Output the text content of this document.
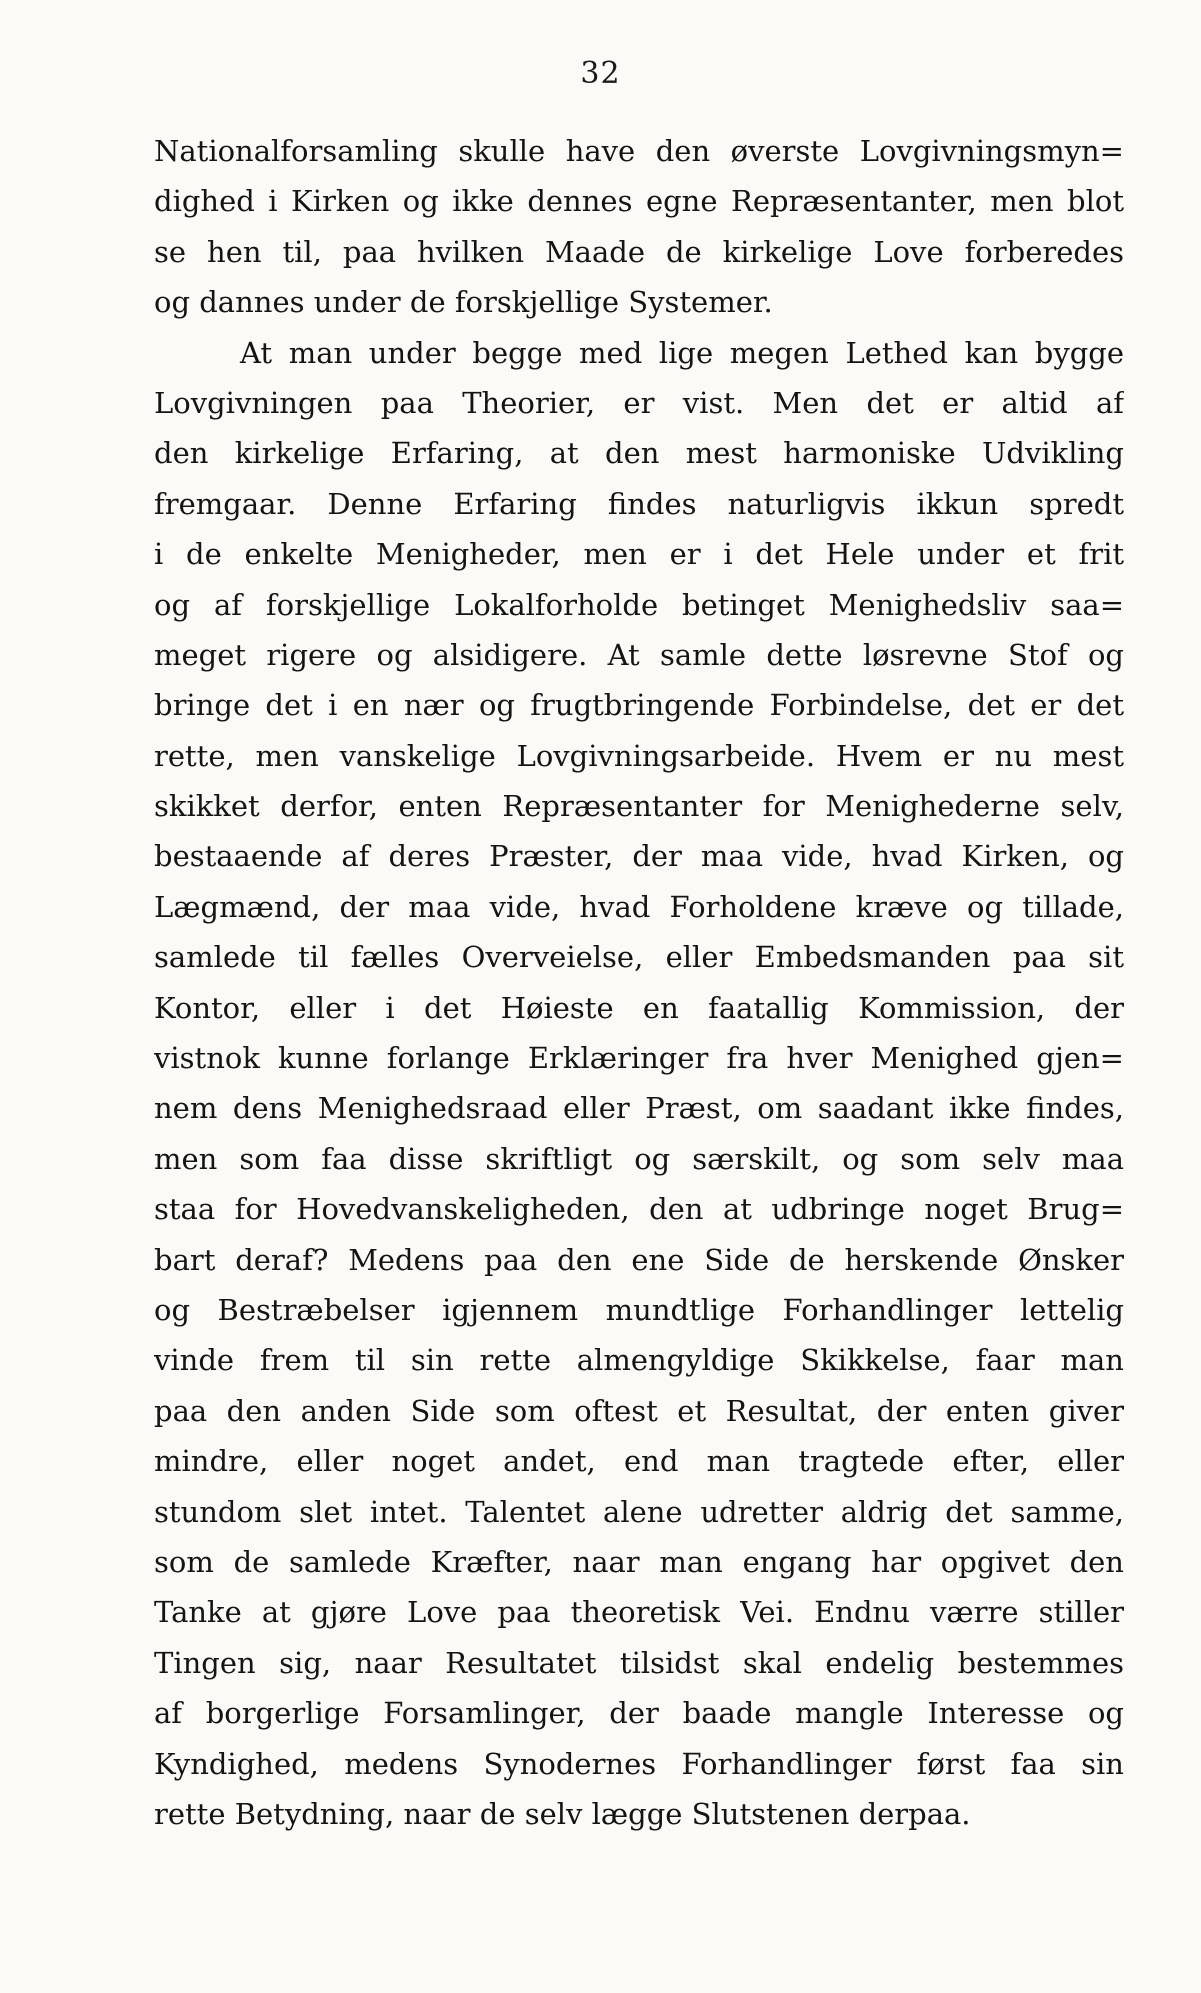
32
Nationalforsamling skulle have den øverste Lovgivningsmyn=
dighed i Kirken og ikke dennes egne Repræsentanter, men blot
se hen til, paa hvilken Maade de kirkelige Love forberedes
og dannes under de forskjellige Systemer.
At man under begge med lige megen Lethed kan bygge
Lovgivningen paa Theorier, er vist. Men det er altid af
den kirkelige Erfaring, at den mest harmoniske Udvikling
fremgaar. Denne Erfaring findes naturligvis ikkun spredt
i de enkelte Menigheder, men er i det Hele under et frit
og af forskjellige Lokalforholde betinget Menighedsliv saa=
meget rigere og alsidigere. At samle dette løsrevne Stof og
bringe det i en nær og frugtbringende Forbindelse, det er det
rette, men vanskelige Lovgivningsarbeide. Hvem er nu mest
skikket derfor, enten Repræsentanter for Menighederne selv,
bestaaende af deres Præster, der maa vide, hvad Kirken, og
Lægmænd, der maa vide, hvad Forholdene kræve og tillade,
samlede til fælles Overveielse, eller Embedsmanden paa sit
Kontor, eller i det Høieste en faatallig Kommission, der
vistnok kunne forlange Erklæringer fra hver Menighed gjen=
nem dens Menighedsraad eller Præst, om saadant ikke findes,
men som faa disse skriftligt og særskilt, og som selv maa
staa for Hovedvanskeligheden, den at udbringe noget Brug=
bart deraf? Medens paa den ene Side de herskende Ønsker
og Bestræbelser igjennem mundtlige Forhandlinger lettelig
vinde frem til sin rette almengyldige Skikkelse, faar man
paa den anden Side som oftest et Resultat, der enten giver
mindre, eller noget andet, end man tragtede efter, eller
stundom slet intet. Talentet alene udretter aldrig det samme,
som de samlede Kræfter, naar man engang har opgivet den
Tanke at gjøre Love paa theoretisk Vei. Endnu værre stiller
Tingen sig, naar Resultatet tilsidst skal endelig bestemmes
af borgerlige Forsamlinger, der baade mangle Interesse og
Kyndighed, medens Synodernes Forhandlinger først faa sin
rette Betydning, naar de selv lægge Slutstenen derpaa.
